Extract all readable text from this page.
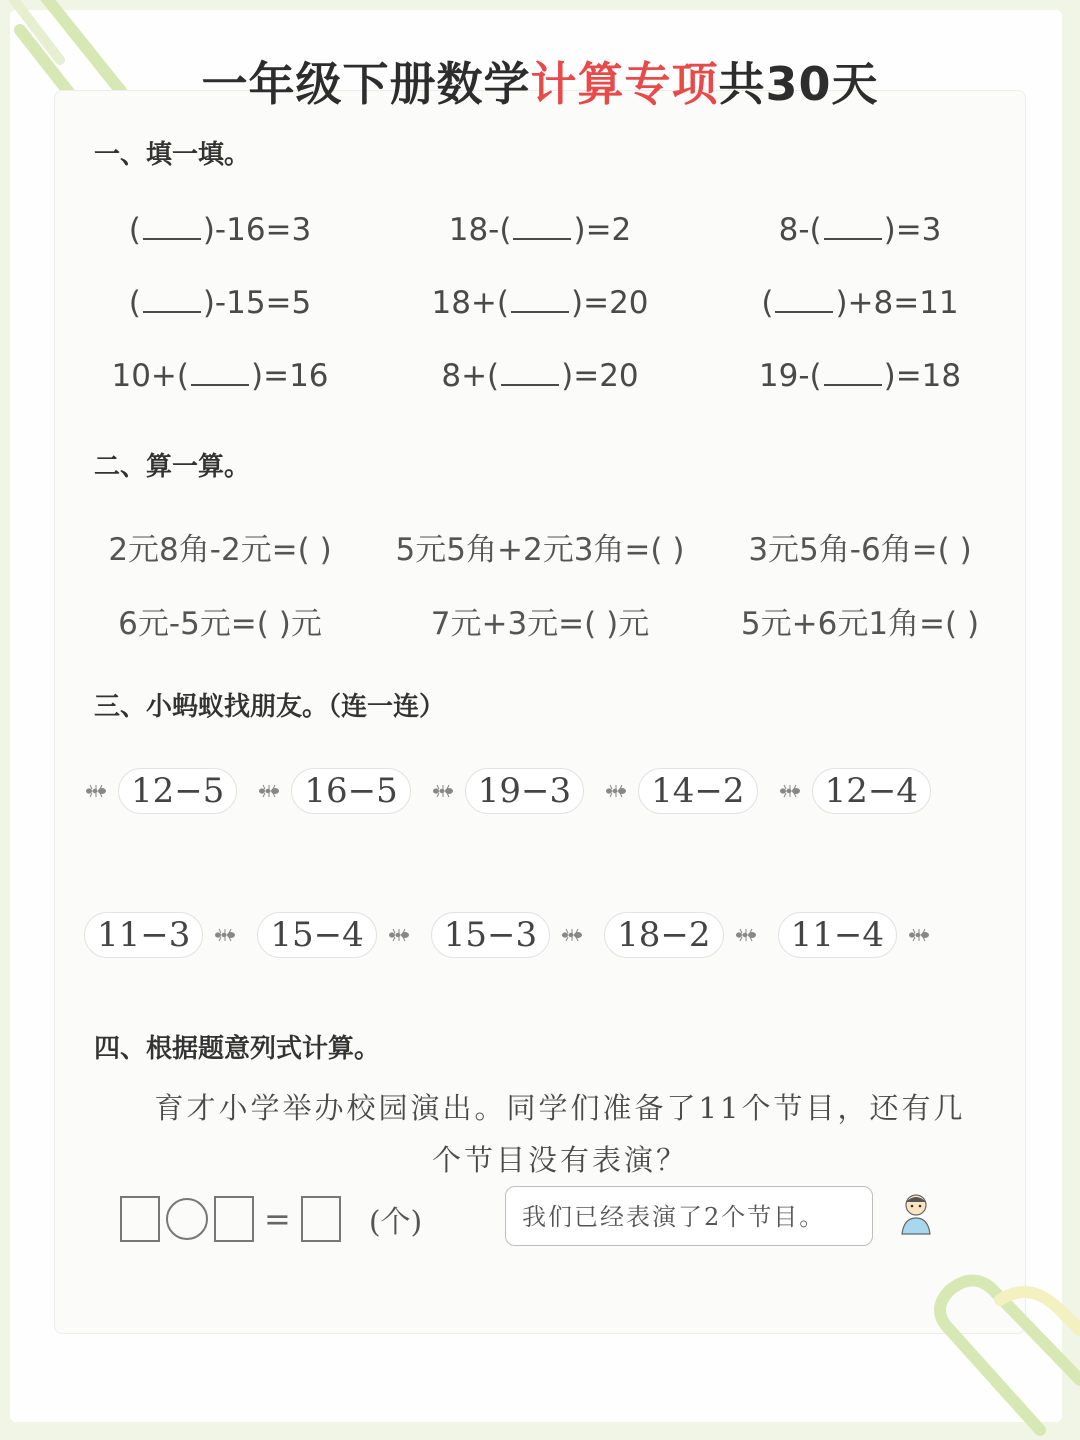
一年级下册数学计算专项共30天
一、填一填。
( )-16=3	18-( )=2	8-( )=3
( )-15=5	18+( )=20	( )+8=11
10+( )=16	8+( )=20	19-( )=18
二、算一算。
2元8角-2元=( )	5元5角+2元3角=( )	3元5角-6角=( )
6元-5元=( )元	7元+3元=( )元	5元+6元1角=( )
三、小蚂蚁找朋友。（连一连）
12−5	16−5	19−3	14−2	12−4
11−3	15−4	15−3	18−2	11−4
四、根据题意列式计算。
育才小学举办校园演出。同学们准备了11个节目，还有几
个节目没有表演？
=	(个)	我们已经表演了2个节目。
